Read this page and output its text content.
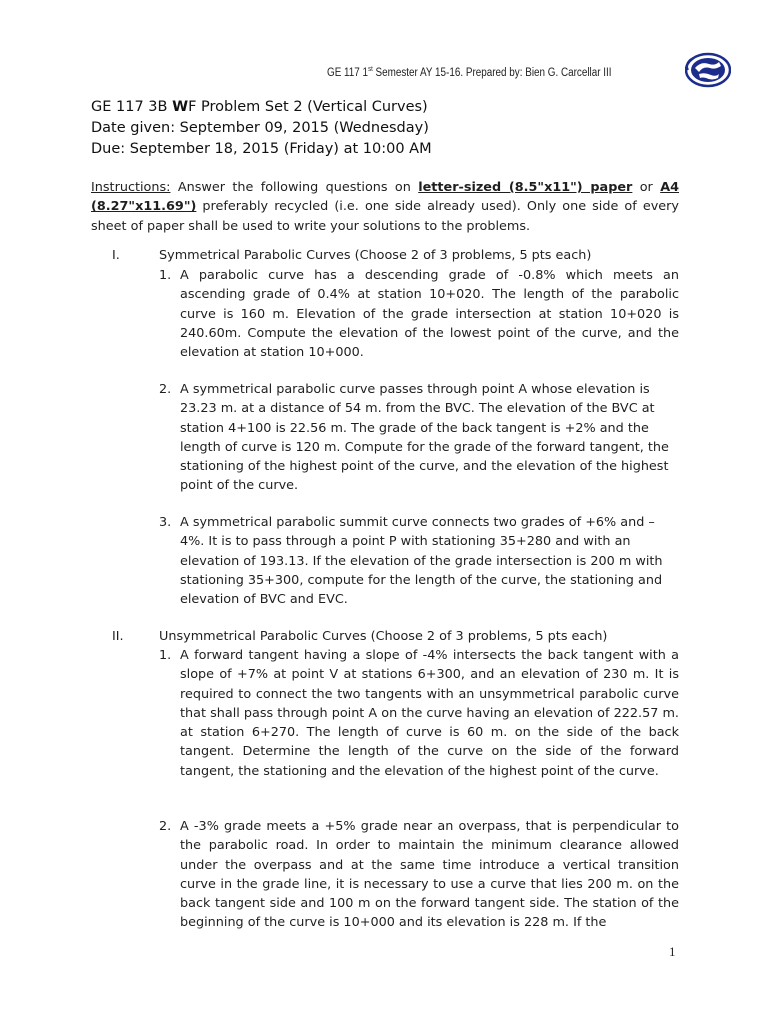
GE 117 1st Semester AY 15-16. Prepared by: Bien G. Carcellar III
GE 117 3B WF Problem Set 2 (Vertical Curves)
Date given: September 09, 2015 (Wednesday)
Due: September 18, 2015 (Friday) at 10:00 AM
Instructions: Answer the following questions on letter-sized (8.5"x11") paper or A4 (8.27"x11.69") preferably recycled (i.e. one side already used). Only one side of every sheet of paper shall be used to write your solutions to the problems.
I.	Symmetrical Parabolic Curves (Choose 2 of 3 problems, 5 pts each)
1. A parabolic curve has a descending grade of -0.8% which meets an ascending grade of 0.4% at station 10+020. The length of the parabolic curve is 160 m. Elevation of the grade intersection at station 10+020 is 240.60m. Compute the elevation of the lowest point of the curve, and the elevation at station 10+000.
2. A symmetrical parabolic curve passes through point A whose elevation is 23.23 m. at a distance of 54 m. from the BVC. The elevation of the BVC at station 4+100 is 22.56 m. The grade of the back tangent is +2% and the length of curve is 120 m. Compute for the grade of the forward tangent, the stationing of the highest point of the curve, and the elevation of the highest point of the curve.
3. A symmetrical parabolic summit curve connects two grades of +6% and – 4%. It is to pass through a point P with stationing 35+280 and with an elevation of 193.13. If the elevation of the grade intersection is 200 m with stationing 35+300, compute for the length of the curve, the stationing and elevation of BVC and EVC.
II.	Unsymmetrical Parabolic Curves (Choose 2 of 3 problems, 5 pts each)
1. A forward tangent having a slope of -4% intersects the back tangent with a slope of +7% at point V at stations 6+300, and an elevation of 230 m. It is required to connect the two tangents with an unsymmetrical parabolic curve that shall pass through point A on the curve having an elevation of 222.57 m. at station 6+270. The length of curve is 60 m. on the side of the back tangent. Determine the length of the curve on the side of the forward tangent, the stationing and the elevation of the highest point of the curve.
2. A -3% grade meets a +5% grade near an overpass, that is perpendicular to the parabolic road. In order to maintain the minimum clearance allowed under the overpass and at the same time introduce a vertical transition curve in the grade line, it is necessary to use a curve that lies 200 m. on the back tangent side and 100 m on the forward tangent side. The station of the beginning of the curve is 10+000 and its elevation is 228 m. If the
1
